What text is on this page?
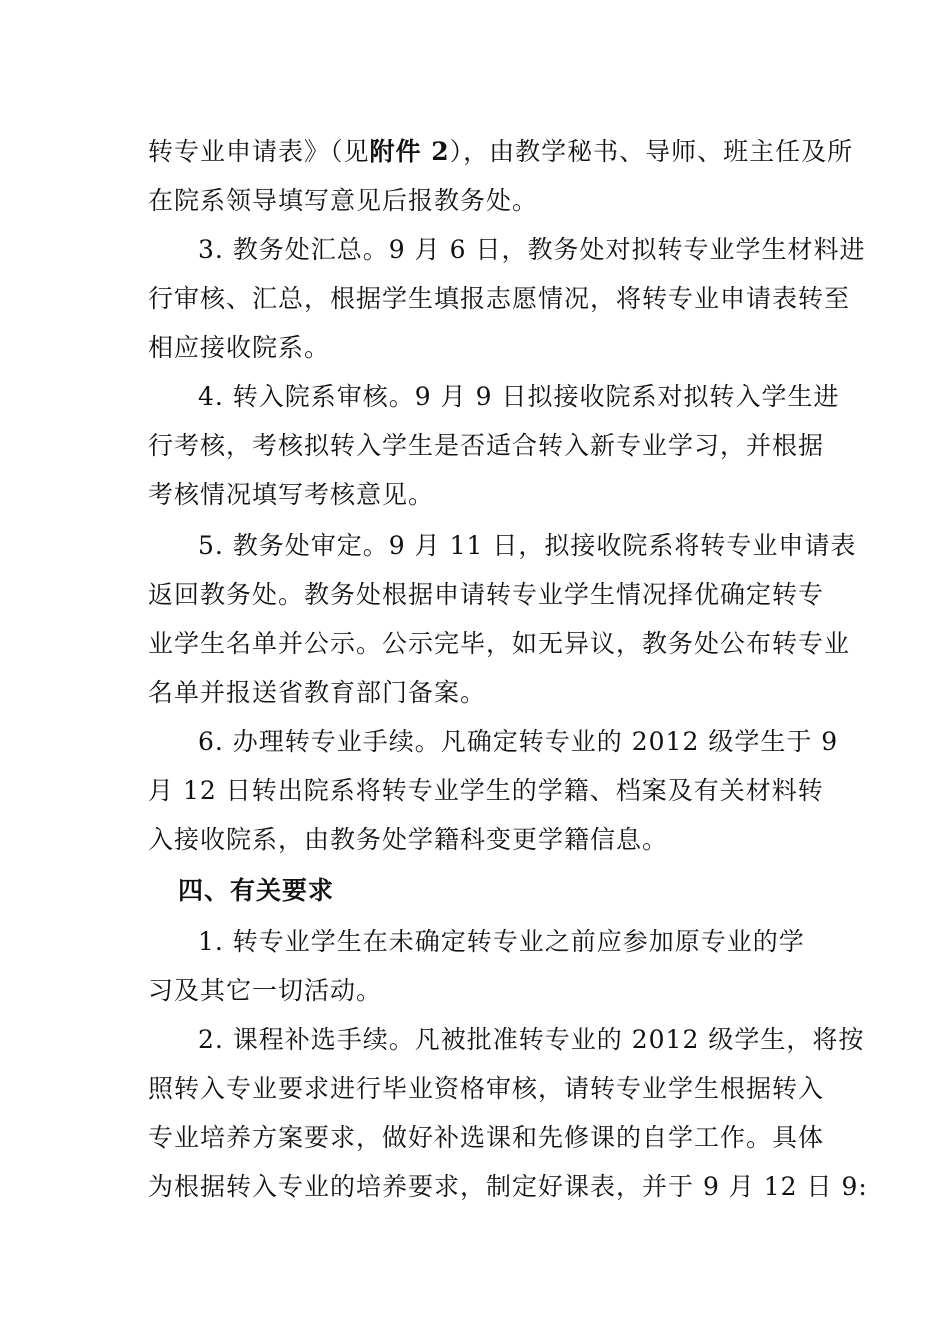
转专业申请表》（见附件 2），由教学秘书、导师、班主任及所
在院系领导填写意见后报教务处。
3. 教务处汇总。9 月 6 日，教务处对拟转专业学生材料进
行审核、汇总，根据学生填报志愿情况，将转专业申请表转至
相应接收院系。
4. 转入院系审核。9 月 9 日拟接收院系对拟转入学生进
行考核，考核拟转入学生是否适合转入新专业学习，并根据
考核情况填写考核意见。
5. 教务处审定。9 月 11 日，拟接收院系将转专业申请表
返回教务处。教务处根据申请转专业学生情况择优确定转专
业学生名单并公示。公示完毕，如无异议，教务处公布转专业
名单并报送省教育部门备案。
6. 办理转专业手续。凡确定转专业的 2012 级学生于 9
月 12 日转出院系将转专业学生的学籍、档案及有关材料转
入接收院系，由教务处学籍科变更学籍信息。
四、有关要求
1. 转专业学生在未确定转专业之前应参加原专业的学
习及其它一切活动。
2. 课程补选手续。凡被批准转专业的 2012 级学生，将按
照转入专业要求进行毕业资格审核，请转专业学生根据转入
专业培养方案要求，做好补选课和先修课的自学工作。具体
为根据转入专业的培养要求，制定好课表，并于 9 月 12 日 9:
